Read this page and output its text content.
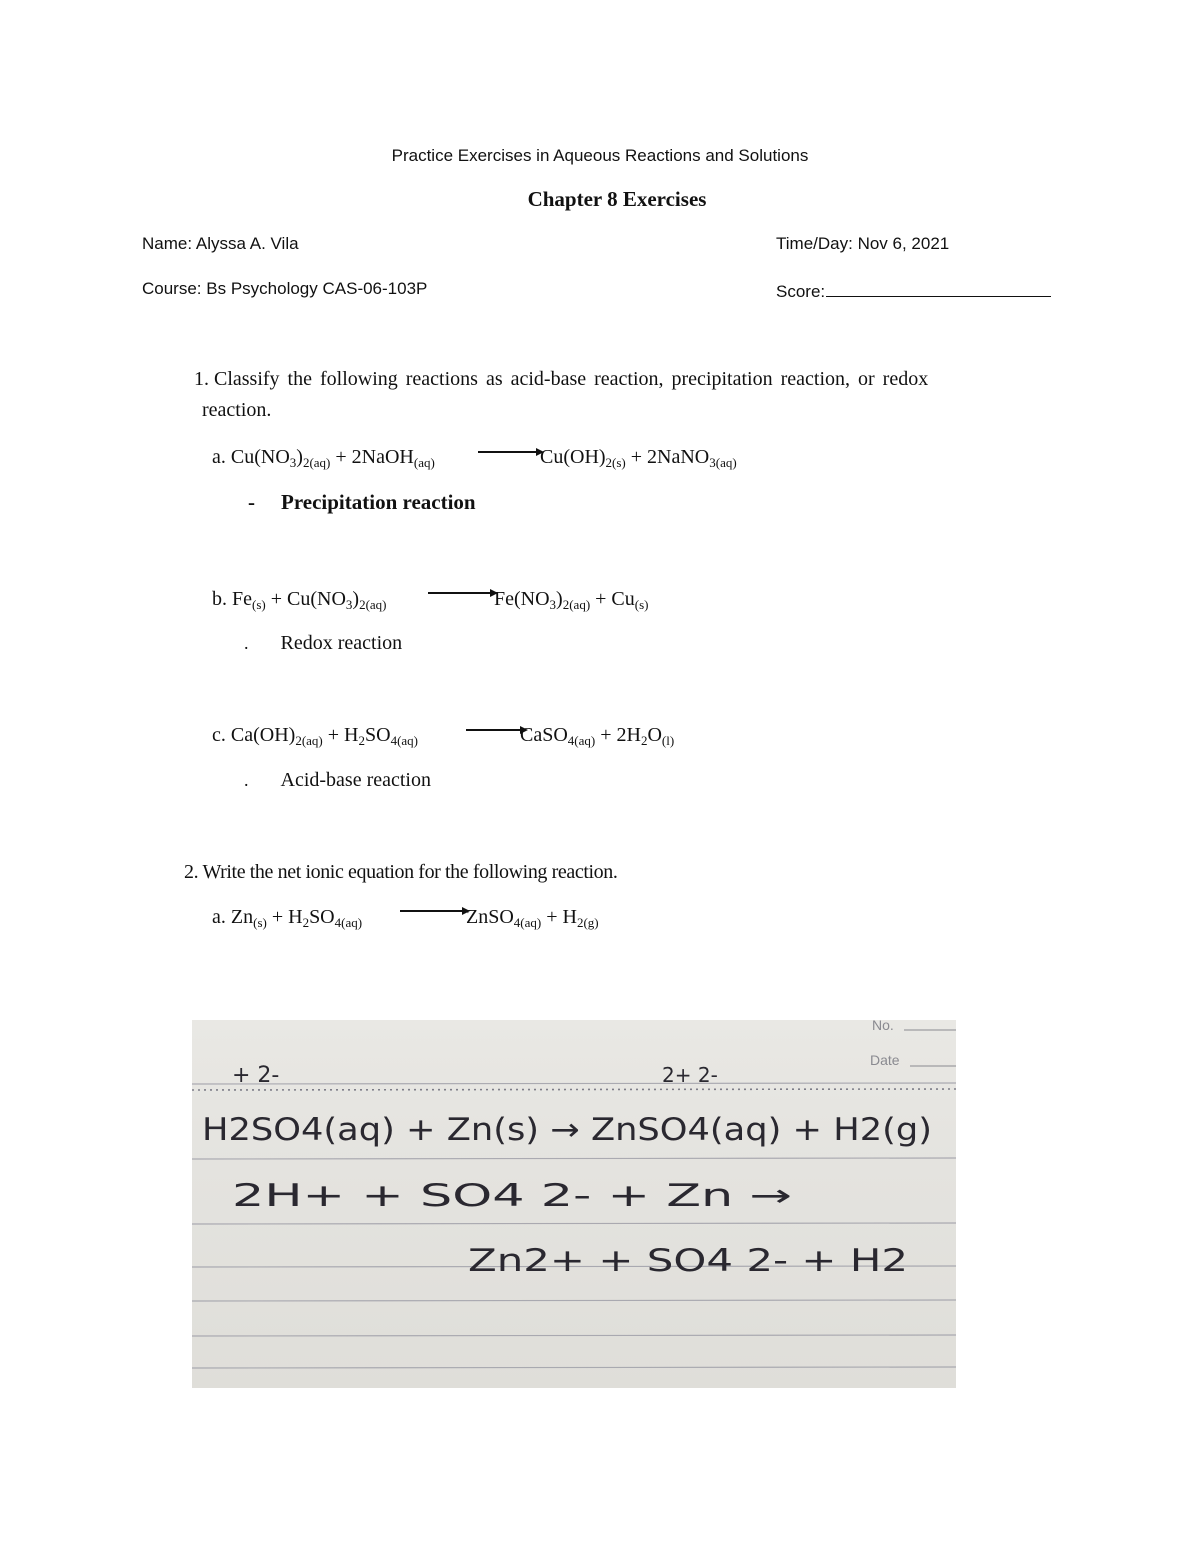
Practice Exercises in Aqueous Reactions and Solutions
Chapter 8 Exercises
Name: Alyssa A. Vila	Time/Day: Nov 6, 2021
Course: Bs Psychology CAS-06-103P	Score:
1. Classify the following reactions as acid-base reaction, precipitation reaction, or redox
reaction.
a. $Cu(NO_3)_{2(aq)}$ + 2NaOH$_{(aq)}$	$Cu(OH)_{2(s)}$ + 2NaNO$_{3(aq)}$
- Precipitation reaction
b. $Fe_{(s)} + Cu(NO_3)_{2(aq)}$	$Fe(NO_3)_{2(aq)} + Cu_{(s)}$
. Redox reaction
c. $Ca(OH)_{2(aq)} + H_2SO_{4(aq)}$	CaSO$_{4(aq)}$ + $2H_2O_{(l)}$
. Acid-base reaction
2. Write the net ionic equation for the following reaction.
a. $Zn_{(s)} + H_2SO_{4(aq)}$	ZnSO$_{4(aq)}$ + $H_{2(g)}$
No.
Date
+ 2-	2+ 2-
H2SO4(aq) + Zn(s) → ZnSO4(aq) + H2(g)
2H+ + SO4 2- + Zn →
Zn2+ + SO4 2- + H2
